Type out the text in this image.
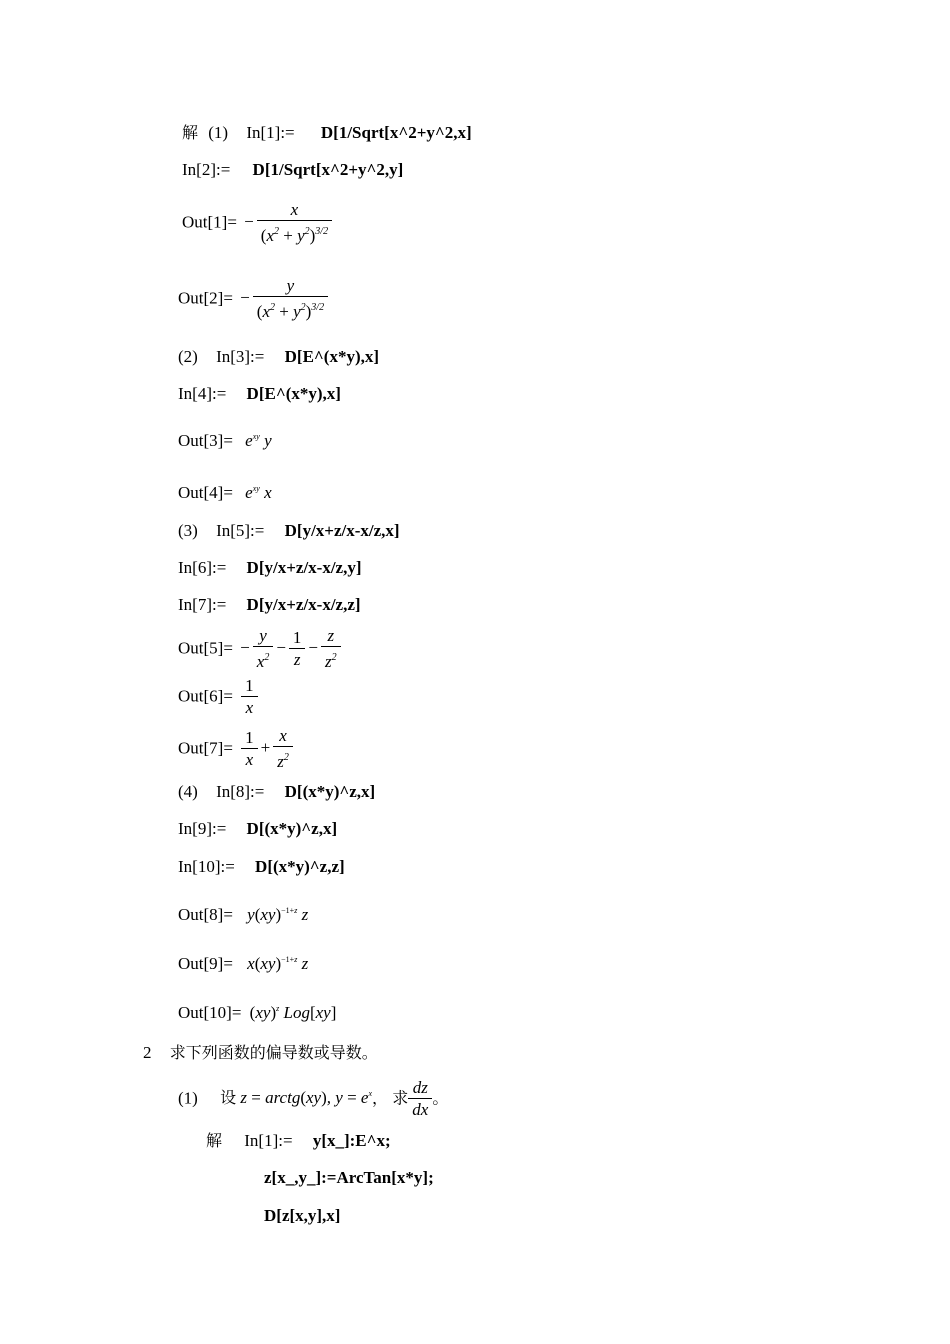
解 (1) In[1]:= D[1/Sqrt[x^2+y^2,x]
In[2]:= D[1/Sqrt[x^2+y^2,y]
$Out[1]= - \frac{x}{(x^2 + y^2)^{3/2}}$
$Out[2]= - \frac{y}{(x^2 + y^2)^{3/2}}$
(2) In[3]:= D[E^(x*y),x]
In[4]:= D[E^(x*y),x]
$Out[3]= e^{xy}$ y
$Out[4]= e^{xy}$ x
(3) In[5]:= D[y/x+z/x-x/z,x]
In[6]:= D[y/x+z/x-x/z,y]
In[7]:= D[y/x+z/x-x/z,z]
$Out[5]= - \frac{y}{x^2} - \frac{1}{z} - \frac{z}{z^2}$
$Out[6]= \frac{1}{x}$
$Out[7]= \frac{1}{x} + \frac{x}{z^2}$
(4) In[8]:= D[(x*y)^z,x]
In[9]:= D[(x*y)^z,x]
In[10]:= D[(x*y)^z,z]
Out[8]= y(xy)$^{-1+z}$ z
Out[9]= x(xy)$^{-1+z}$ z
Out[10]= (xy)$^z$ Log[xy]
2 求下列函数的偏导数或导数。
(1) 设 z = arctg(xy), $y = e^x$， 求 $\frac{dz}{dx}$ 。
解 In[1]:= y[x_]:E^x;
z[x_,y_]:=ArcTan[x*y];
D[z[x,y],x]
